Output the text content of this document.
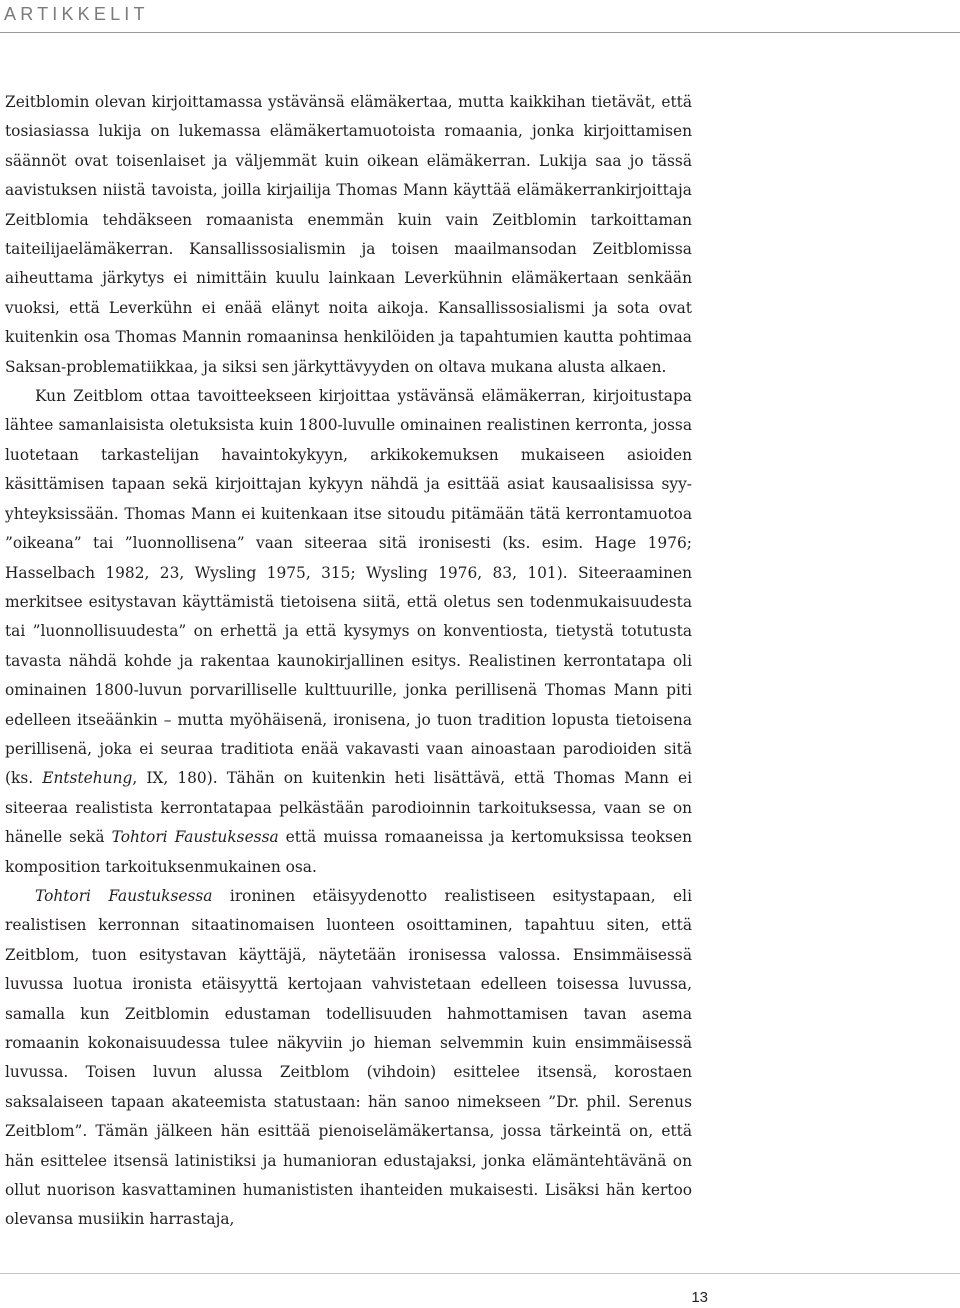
ARTIKKELIT

Zeitblomin olevan kirjoittamassa ystävänsä elämäkertaa, mutta kaikkihan tietävät, että tosiasiassa lukija on lukemassa elämäkertamuotoista romaania, jonka kirjoittamisen säännöt ovat toisenlaiset ja väljemmät kuin oikean elämäkerran. Lukija saa jo tässä aavistuksen niistä tavoista, joilla kirjailija Thomas Mann käyttää elämäkerrankirjoittaja Zeitblomia tehdäkseen romaanista enemmän kuin vain Zeitblomin tarkoittaman taiteilijaelämäkerran. Kansallissosialismin ja toisen maailmansodan Zeitblomissa aiheuttama järkytys ei nimittäin kuulu lainkaan Leverkühnin elämäkertaan senkään vuoksi, että Leverkühn ei enää elänyt noita aikoja. Kansallissosialismi ja sota ovat kuitenkin osa Thomas Mannin romaaninsa henkilöiden ja tapahtumien kautta pohtimaa Saksan-problematiikkaa, ja siksi sen järkyttävyyden on oltava mukana alusta alkaen.

Kun Zeitblom ottaa tavoitteekseen kirjoittaa ystävänsä elämäkerran, kirjoitustapa lähtee samanlaisista oletuksista kuin 1800-luvulle ominainen realistinen kerronta, jossa luotetaan tarkastelijan havaintokykyyn, arkikokemuksen mukaiseen asioiden käsittämisen tapaan sekä kirjoittajan kykyyn nähdä ja esittää asiat kausaalisissa syy-yhteyksissään. Thomas Mann ei kuitenkaan itse sitoudu pitämään tätä kerrontamuotoa ”oikeana” tai ”luonnollisena” vaan siteeraa sitä ironisesti (ks. esim. Hage 1976; Hasselbach 1982, 23, Wysling 1975, 315; Wysling 1976, 83, 101). Siteeraaminen merkitsee esitystavan käyttämistä tietoisena siitä, että oletus sen todenmukaisuudesta tai ”luonnollisuudesta” on erhettä ja että kysymys on konventiosta, tietystä totutusta tavasta nähdä kohde ja rakentaa kaunokirjallinen esitys. Realistinen kerrontatapa oli ominainen 1800-luvun porvarilliselle kulttuurille, jonka perillisenä Thomas Mann piti edelleen itseäänkin – mutta myöhäisenä, ironisena, jo tuon tradition lopusta tietoisena perillisenä, joka ei seuraa traditiota enää vakavasti vaan ainoastaan parodioiden sitä (ks. Entstehung, IX, 180). Tähän on kuitenkin heti lisättävä, että Thomas Mann ei siteeraa realistista kerrontatapaa pelkästään parodioinnin tarkoituksessa, vaan se on hänelle sekä Tohtori Faustuksessa että muissa romaaneissa ja kertomuksissa teoksen komposition tarkoituksenmukainen osa.

Tohtori Faustuksessa ironinen etäisyydenotto realistiseen esitystapaan, eli realistisen kerronnan sitaatinomaisen luonteen osoittaminen, tapahtuu siten, että Zeitblom, tuon esitystavan käyttäjä, näytetään ironisessa valossa. Ensimmäisessä luvussa luotua ironista etäisyyttä kertojaan vahvistetaan edelleen toisessa luvussa, samalla kun Zeitblomin edustaman todellisuuden hahmottamisen tavan asema romaanin kokonaisuudessa tulee näkyviin jo hieman selvemmin kuin ensimmäisessä luvussa. Toisen luvun alussa Zeitblom (vihdoin) esittelee itsensä, korostaen saksalaiseen tapaan akateemista statustaan: hän sanoo nimekseen ”Dr. phil. Serenus Zeitblom”. Tämän jälkeen hän esittää pienoiselämäkertansa, jossa tärkeintä on, että hän esittelee itsensä latinistiksi ja humanioran edustajaksi, jonka elämäntehtävänä on ollut nuorison kasvattaminen humanististen ihanteiden mukaisesti. Lisäksi hän kertoo olevansa musiikin harrastaja,

13
